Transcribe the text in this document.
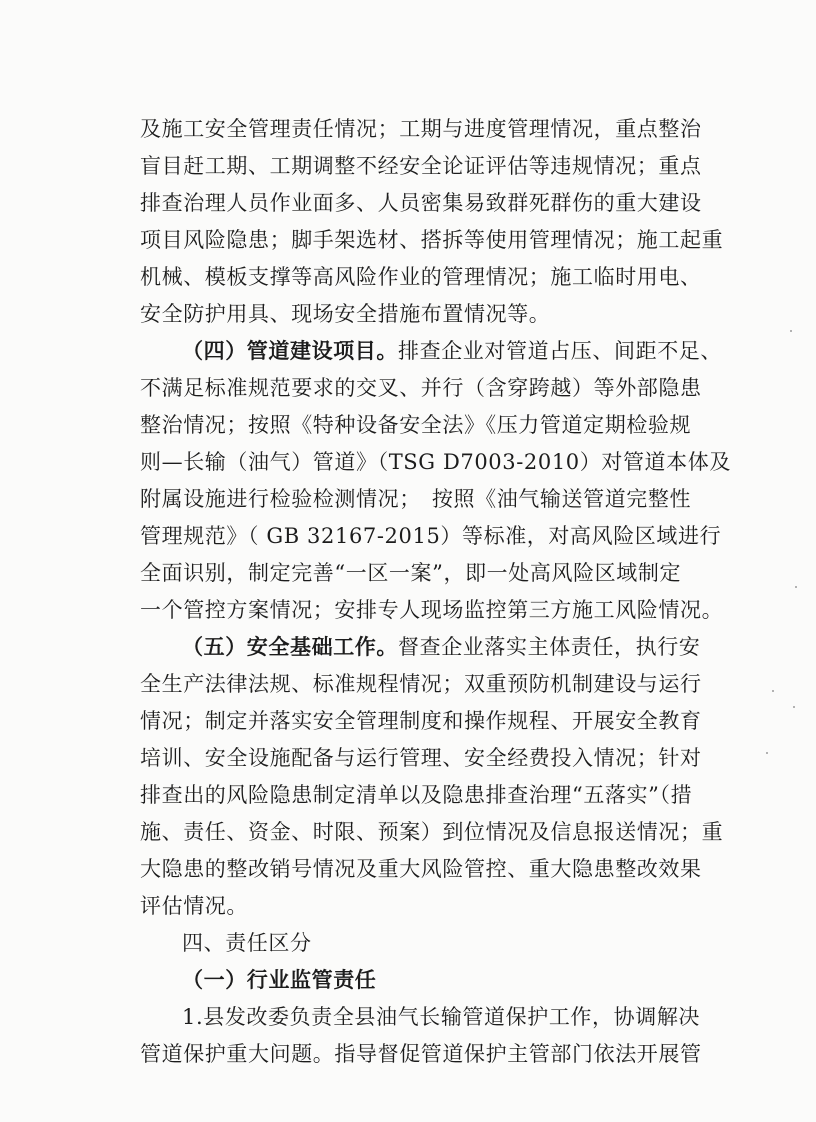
及施工安全管理责任情况；工期与进度管理情况，重点整治
盲目赶工期、工期调整不经安全论证评估等违规情况；重点
排查治理人员作业面多、人员密集易致群死群伤的重大建设
项目风险隐患；脚手架选材、搭拆等使用管理情况；施工起重
机械、模板支撑等高风险作业的管理情况；施工临时用电、
安全防护用具、现场安全措施布置情况等。
（四）管道建设项目。排查企业对管道占压、间距不足、
不满足标准规范要求的交叉、并行（含穿跨越）等外部隐患
整治情况；按照《特种设备安全法》《压力管道定期检验规
则—长输（油气）管道》（TSG D7003-2010）对管道本体及
附属设施进行检验检测情况；　按照《油气输送管道完整性
管理规范》（ GB 32167-2015）等标准，对高风险区域进行
全面识别，制定完善“一区一案”，即一处高风险区域制定
一个管控方案情况；安排专人现场监控第三方施工风险情况。
（五）安全基础工作。督查企业落实主体责任，执行安
全生产法律法规、标准规程情况；双重预防机制建设与运行
情况；制定并落实安全管理制度和操作规程、开展安全教育
培训、安全设施配备与运行管理、安全经费投入情况；针对
排查出的风险隐患制定清单以及隐患排查治理“五落实”（措
施、责任、资金、时限、预案）到位情况及信息报送情况；重
大隐患的整改销号情况及重大风险管控、重大隐患整改效果
评估情况。
四、责任区分
（一）行业监管责任
1.县发改委负责全县油气长输管道保护工作，协调解决
管道保护重大问题。指导督促管道保护主管部门依法开展管
